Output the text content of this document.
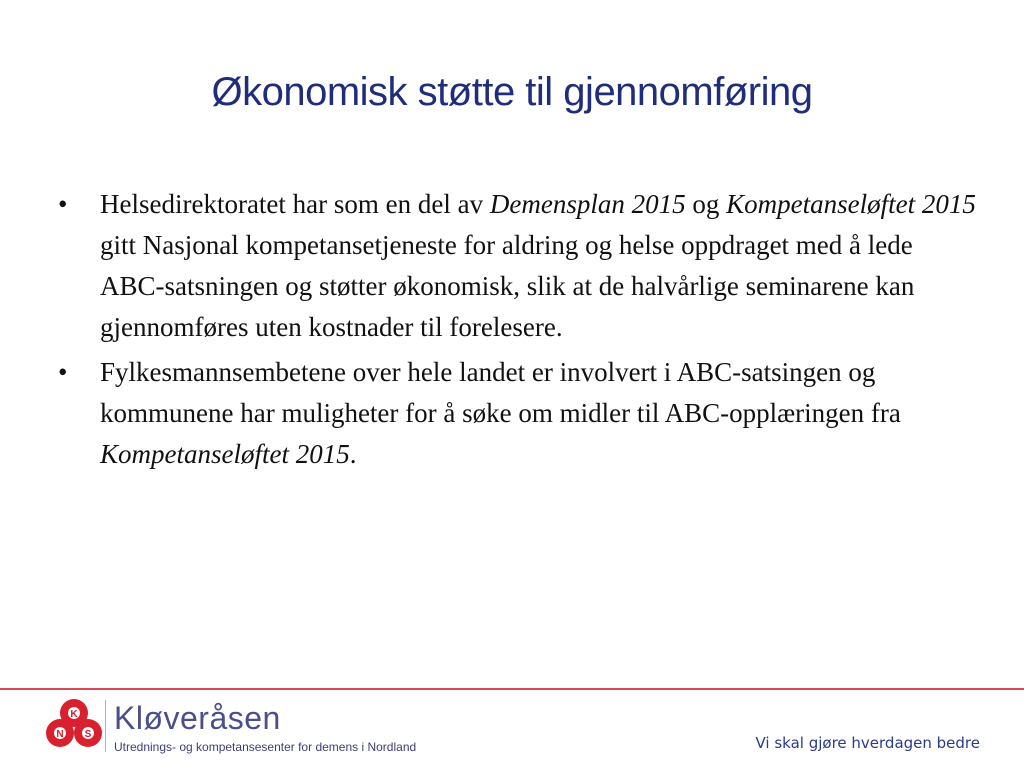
Økonomisk støtte til gjennomføring
• Helsedirektoratet har som en del av Demensplan 2015 og Kompetanseløftet 2015 gitt Nasjonal kompetansetjeneste for aldring og helse oppdraget med å lede ABC-satsningen og støtter økonomisk, slik at de halvårlige seminarene kan gjennomføres uten kostnader til forelesere.
• Fylkesmannsembetene over hele landet er involvert i ABC-satsingen og kommunene har muligheter for å søke om midler til ABC-opplæringen fra Kompetanseløftet 2015.
K
N S Kløveråsen
Utrednings- og kompetansesenter for demens i Nordland	Vi skal gjøre hverdagen bedre
